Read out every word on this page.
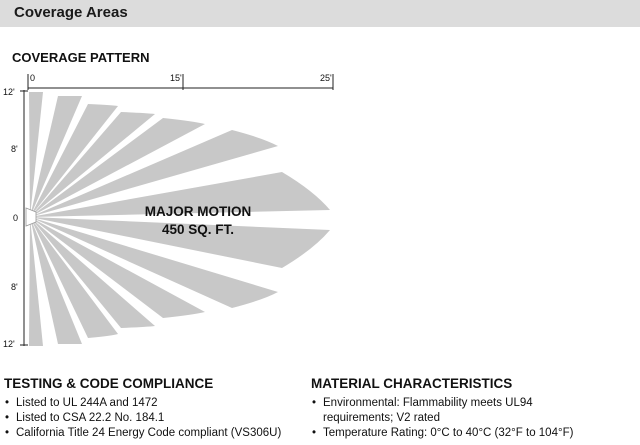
Coverage Areas
COVERAGE PATTERN
0	15'	25'
12'
8'
0
8'
12'
MAJOR MOTION
450 SQ. FT.
TESTING & CODE COMPLIANCE
• Listed to UL 244A and 1472
• Listed to CSA 22.2 No. 184.1
• California Title 24 Energy Code compliant (VS306U)
MATERIAL CHARACTERISTICS
• Environmental: Flammability meets UL94
requirements; V2 rated
• Temperature Rating: 0°C to 40°C (32°F to 104°F)
